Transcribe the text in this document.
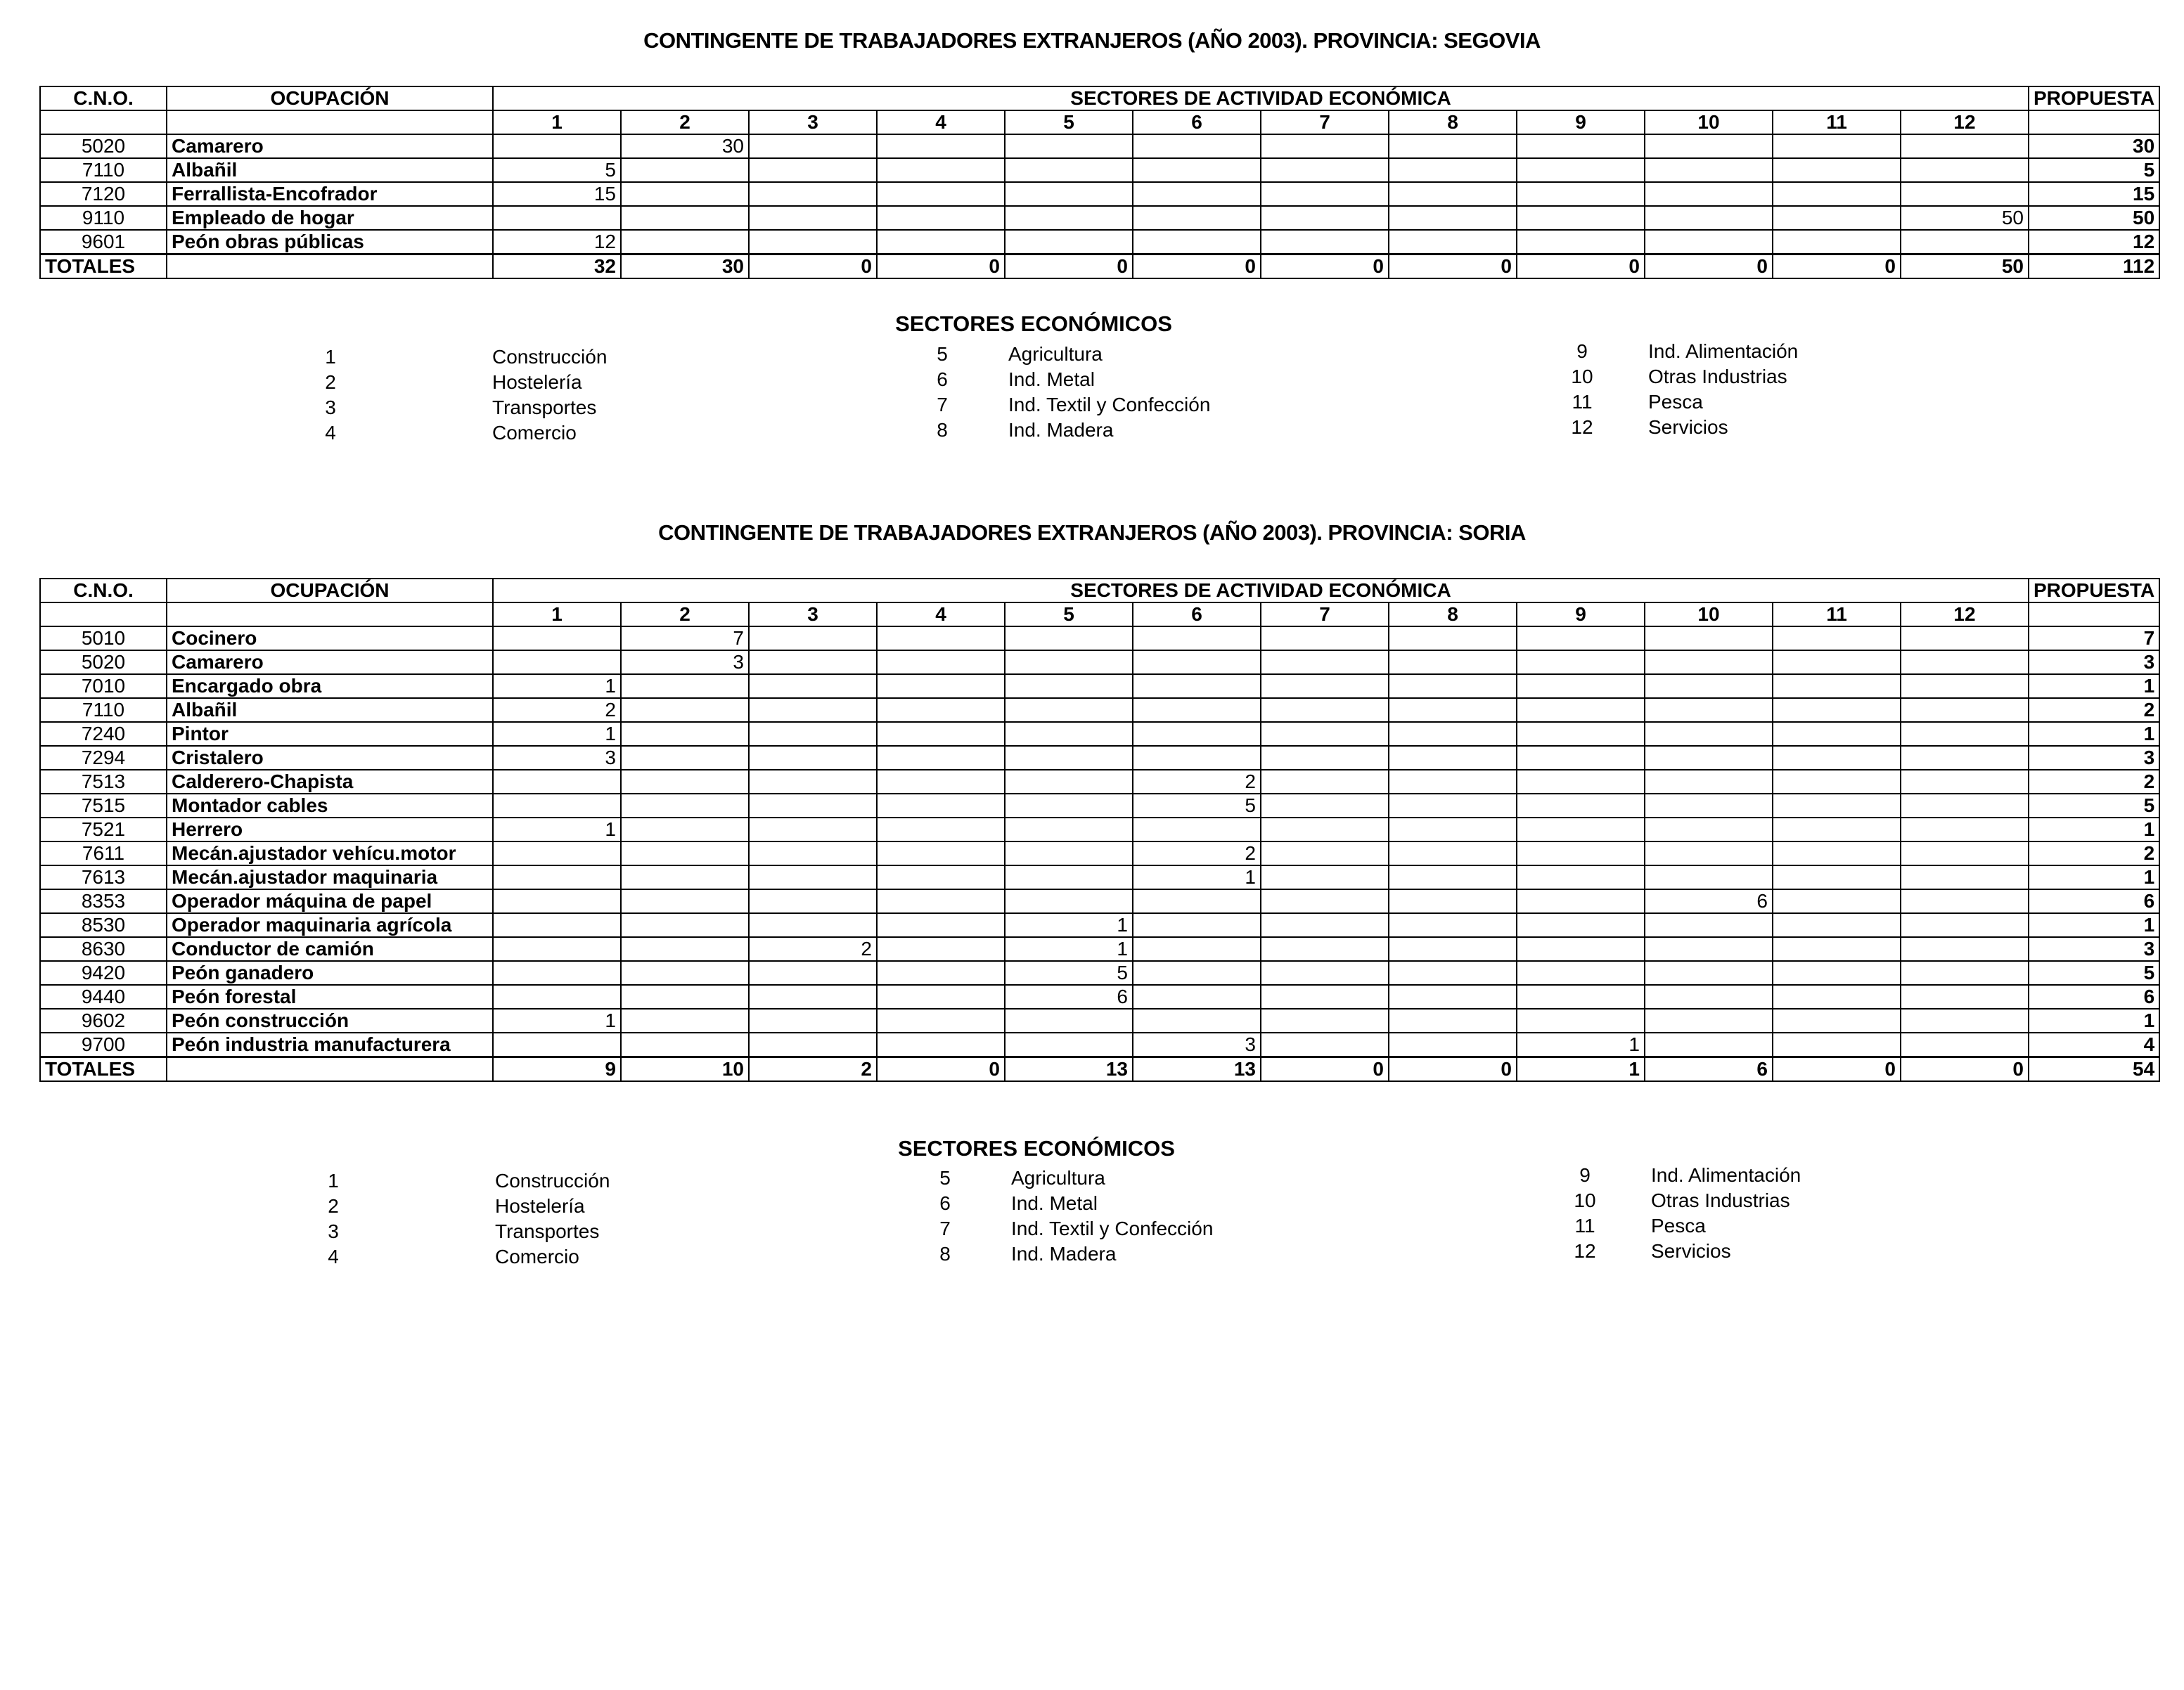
CONTINGENTE DE TRABAJADORES EXTRANJEROS (AÑO 2003). PROVINCIA: SEGOVIA
C.N.O.	OCUPACIÓN	SECTORES DE ACTIVIDAD ECONÓMICA												PROPUESTA
		1	2	3	4	5	6	7	8	9	10	11	12	
5020	Camarero		30											30
7110	Albañil	5												5
7120	Ferrallista-Encofrador	15												15
9110	Empleado de hogar												50	50
9601	Peón obras públicas	12												12
TOTALES		32	30	0	0	0	0	0	0	0	0	0	50	112
SECTORES ECONÓMICOS
1	Construcción
2	Hostelería
3	Transportes
4	Comercio
5	Agricultura
6	Ind. Metal
7	Ind. Textil y Confección
8	Ind. Madera
9	Ind. Alimentación
10	Otras Industrias
11	Pesca
12	Servicios
CONTINGENTE DE TRABAJADORES EXTRANJEROS (AÑO 2003). PROVINCIA: SORIA
C.N.O.	OCUPACIÓN	SECTORES DE ACTIVIDAD ECONÓMICA												PROPUESTA
		1	2	3	4	5	6	7	8	9	10	11	12	
5010	Cocinero		7											7
5020	Camarero		3											3
7010	Encargado obra	1												1
7110	Albañil	2												2
7240	Pintor	1												1
7294	Cristalero	3												3
7513	Calderero-Chapista						2							2
7515	Montador cables						5							5
7521	Herrero	1												1
7611	Mecán.ajustador vehícu.motor						2							2
7613	Mecán.ajustador maquinaria						1							1
8353	Operador máquina de papel										6			6
8530	Operador maquinaria agrícola					1								1
8630	Conductor de camión			2		1								3
9420	Peón ganadero					5								5
9440	Peón forestal					6								6
9602	Peón construcción	1												1
9700	Peón industria manufacturera						3			1				4
TOTALES		9	10	2	0	13	13	0	0	1	6	0	0	54
SECTORES ECONÓMICOS
1	Construcción
2	Hostelería
3	Transportes
4	Comercio
5	Agricultura
6	Ind. Metal
7	Ind. Textil y Confección
8	Ind. Madera
9	Ind. Alimentación
10	Otras Industrias
11	Pesca
12	Servicios
